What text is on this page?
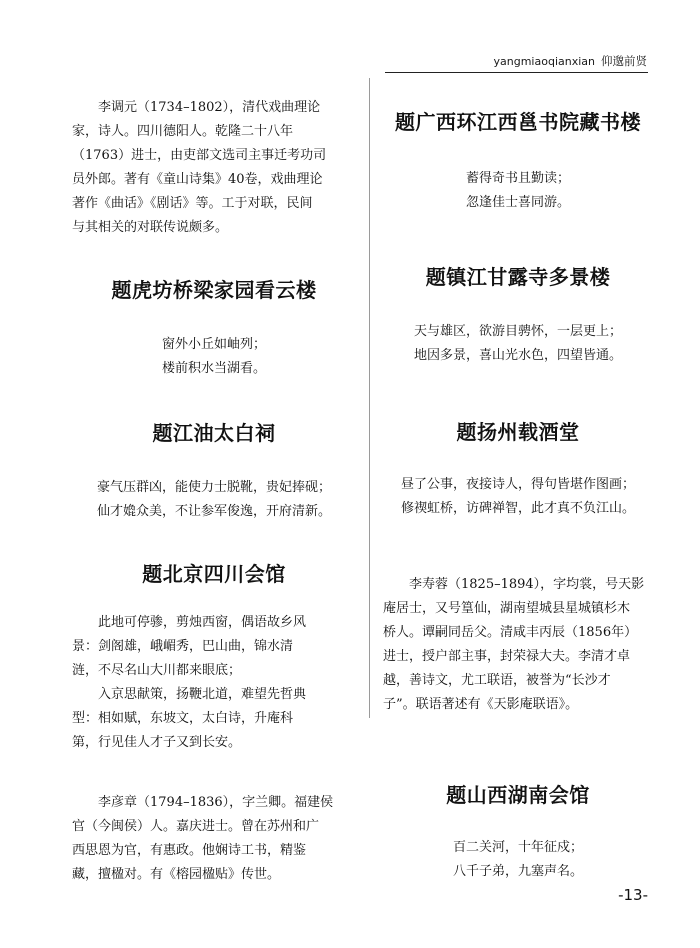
yangmiaoqianxian 仰邈前贤

李调元（1734–1802），清代戏曲理论

家，诗人。四川德阳人。乾隆二十八年

（1763）进士，由吏部文选司主事迁考功司

员外郎。著有《童山诗集》40卷，戏曲理论

著作《曲话》《剧话》等。工于对联，民间

与其相关的对联传说颇多。

题虎坊桥梁家园看云楼

窗外小丘如岫列；

楼前积水当湖看。

题江油太白祠

豪气压群凶，能使力士脱靴，贵妃捧砚；

仙才嫓众美，不让参军俊逸，开府清新。

题北京四川会馆

此地可停骖，剪烛西窗，偶语故乡风

景：剑阁雄，峨嵋秀，巴山曲，锦水清

涟，不尽名山大川都来眼底；

入京思献策，扬鞭北道，难望先哲典

型：相如赋，东坡文，太白诗，升庵科

第，行见佳人才子又到长安。

李彦章（1794–1836），字兰卿。福建侯

官（今闽侯）人。嘉庆进士。曾在苏州和广

西思恩为官，有惠政。他娴诗工书，精鉴

藏，擅楹对。有《榕园楹贴》传世。

题广西环江西邕书院藏书楼

蓄得奇书且勤读；

忽逢佳士喜同游。

题镇江甘露寺多景楼

天与雄区，欲游目骋怀，一层更上；

地因多景，喜山光水色，四望皆通。

题扬州载酒堂

昼了公事，夜接诗人，得句皆堪作图画；

修禊虹桥，访碑禅智，此才真不负江山。

李寿蓉（1825–1894），字均裳，号天影

庵居士，又号篁仙，湖南望城县星城镇杉木

桥人。谭嗣同岳父。清咸丰丙辰（1856年）

进士，授户部主事，封荣禄大夫。李清才卓

越，善诗文，尤工联语，被誉为“长沙才

子”。联语著述有《天影庵联语》。

题山西湖南会馆

百二关河，十年征戍；

八千子弟，九塞声名。

-13-
